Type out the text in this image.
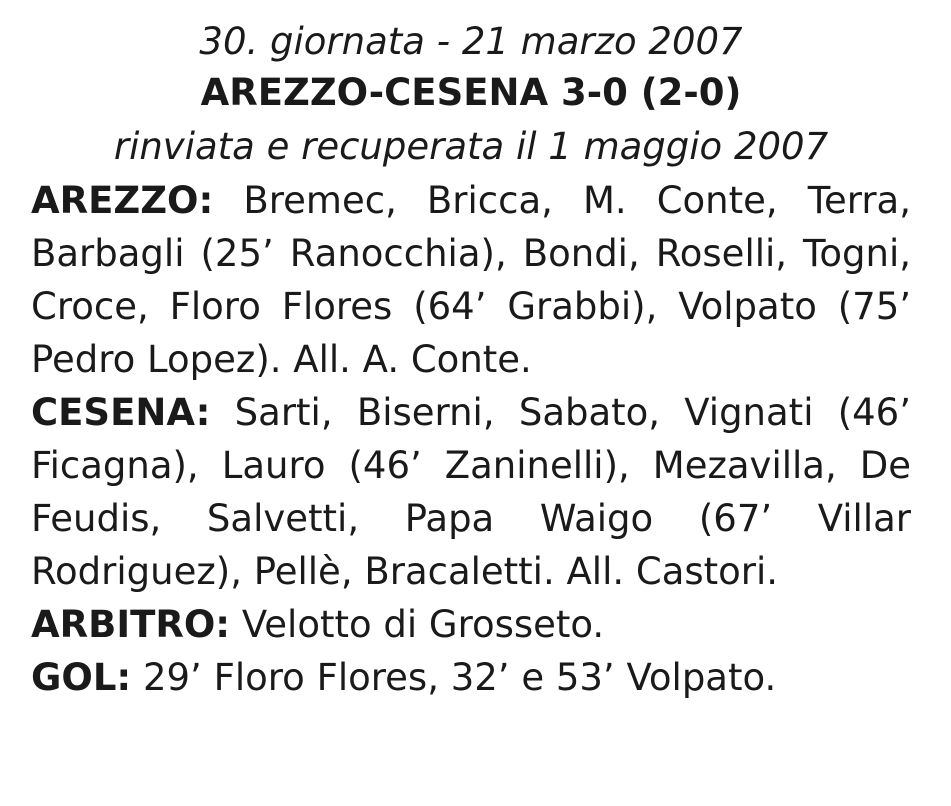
30. giornata - 21 marzo 2007

AREZZO-CESENA 3-0 (2-0)

rinviata e recuperata il 1 maggio 2007

AREZZO: Bremec, Bricca, M. Conte, Terra, Barbagli (25’ Ranocchia), Bondi, Roselli, Togni, Croce, Floro Flores (64’ Grabbi), Volpato (75’ Pedro Lopez). All. A. Conte.

CESENA: Sarti, Biserni, Sabato, Vignati (46’ Ficagna), Lauro (46’ Zaninelli), Mezavilla, De Feudis, Salvetti, Papa Waigo (67’ Villar Rodriguez), Pellè, Bracaletti. All. Castori.

ARBITRO: Velotto di Grosseto.

GOL: 29’ Floro Flores, 32’ e 53’ Volpato.
